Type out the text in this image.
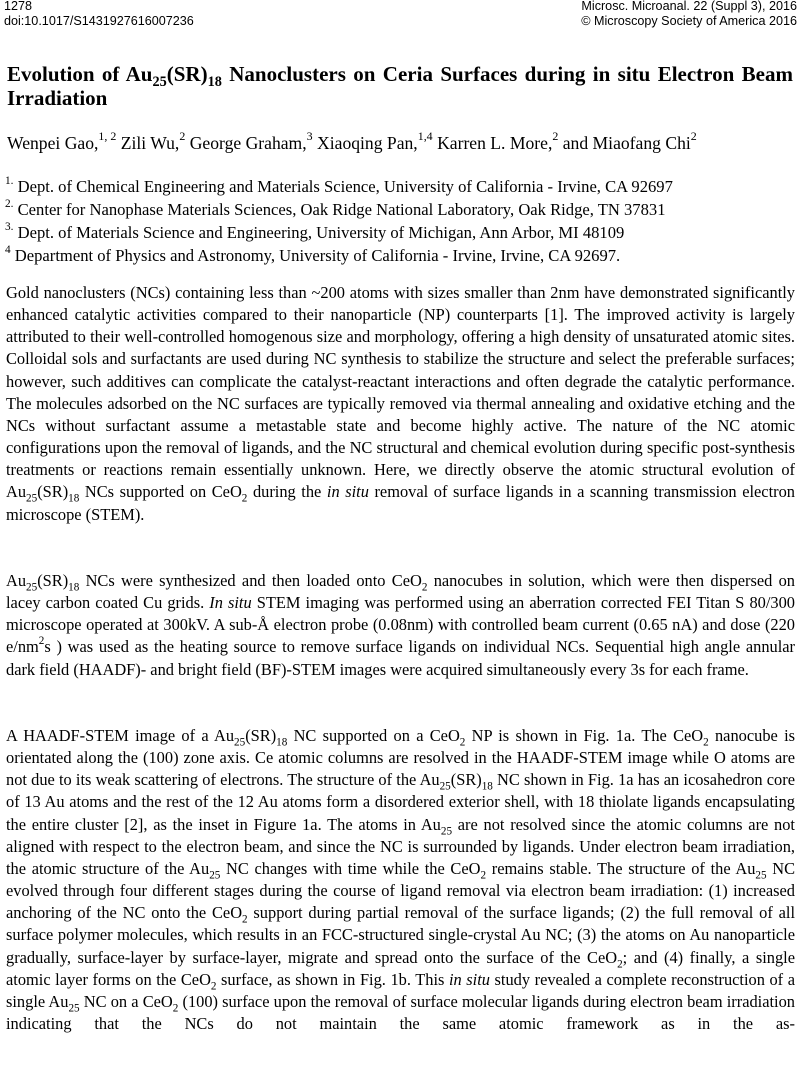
1278
doi:10.1017/S1431927616007236
Microsc. Microanal. 22 (Suppl 3), 2016
© Microscopy Society of America 2016
Evolution of $Au_{25}(SR)_{18}$ Nanoclusters on Ceria Surfaces during in situ Electron Beam Irradiation
Wenpei Gao,$^{1, 2}$ Zili Wu,$^2$ George Graham,$^3$ Xiaoqing Pan,$^{1,4}$ Karren L. More,$^2$ and Miaofang Chi$^2$
$^{1.}$ Dept. of Chemical Engineering and Materials Science, University of California - Irvine, CA 92697
$^{2.}$ Center for Nanophase Materials Sciences, Oak Ridge National Laboratory, Oak Ridge, TN 37831
$^{3.}$ Dept. of Materials Science and Engineering, University of Michigan, Ann Arbor, MI 48109
$^4$ Department of Physics and Astronomy, University of California - Irvine, Irvine, CA 92697.
Gold nanoclusters (NCs) containing less than ~200 atoms with sizes smaller than 2nm have demonstrated significantly enhanced catalytic activities compared to their nanoparticle (NP) counterparts [1]. The improved activity is largely attributed to their well-controlled homogenous size and morphology, offering a high density of unsaturated atomic sites. Colloidal sols and surfactants are used during NC synthesis to stabilize the structure and select the preferable surfaces; however, such additives can complicate the catalyst-reactant interactions and often degrade the catalytic performance. The molecules adsorbed on the NC surfaces are typically removed via thermal annealing and oxidative etching and the NCs without surfactant assume a metastable state and become highly active. The nature of the NC atomic configurations upon the removal of ligands, and the NC structural and chemical evolution during specific post-synthesis treatments or reactions remain essentially unknown. Here, we directly observe the atomic structural evolution of $Au_{25}(SR)_{18}$ NCs supported on CeO$_2$ during the in situ removal of surface ligands in a scanning transmission electron microscope (STEM).
$Au_{25}(SR)_{18}$ NCs were synthesized and then loaded onto CeO$_2$ nanocubes in solution, which were then dispersed on lacey carbon coated Cu grids. In situ STEM imaging was performed using an aberration corrected FEI Titan S 80/300 microscope operated at 300kV. A sub-Å electron probe (0.08nm) with controlled beam current (0.65 nA) and dose (220 $e/nm^2s$ ) was used as the heating source to remove surface ligands on individual NCs. Sequential high angle annular dark field (HAADF)- and bright field (BF)-STEM images were acquired simultaneously every 3s for each frame.
A HAADF-STEM image of a $Au_{25}(SR)_{18}$ NC supported on a CeO$_2$ NP is shown in Fig. 1a. The CeO$_2$ nanocube is orientated along the (100) zone axis. Ce atomic columns are resolved in the HAADF-STEM image while O atoms are not due to its weak scattering of electrons. The structure of the $Au_{25}(SR)_{18}$ NC shown in Fig. 1a has an icosahedron core of 13 Au atoms and the rest of the 12 Au atoms form a disordered exterior shell, with 18 thiolate ligands encapsulating the entire cluster [2], as the inset in Figure 1a. The atoms in $Au_{25}$ are not resolved since the atomic columns are not aligned with respect to the electron beam, and since the NC is surrounded by ligands. Under electron beam irradiation, the atomic structure of the $Au_{25}$ NC changes with time while the CeO$_2$ remains stable. The structure of the $Au_{25}$ NC evolved through four different stages during the course of ligand removal via electron beam irradiation: (1) increased anchoring of the NC onto the CeO$_2$ support during partial removal of the surface ligands; (2) the full removal of all surface polymer molecules, which results in an FCC-structured single-crystal Au NC; (3) the atoms on Au nanoparticle gradually, surface-layer by surface-layer, migrate and spread onto the surface of the CeO$_2$; and (4) finally, a single atomic layer forms on the CeO$_2$ surface, as shown in Fig. 1b. This in situ study revealed a complete reconstruction of a single $Au_{25}$ NC on a CeO$_2$ (100) surface upon the removal of surface molecular ligands during electron beam irradiation indicating that the NCs do not maintain the same atomic framework as in the as-
